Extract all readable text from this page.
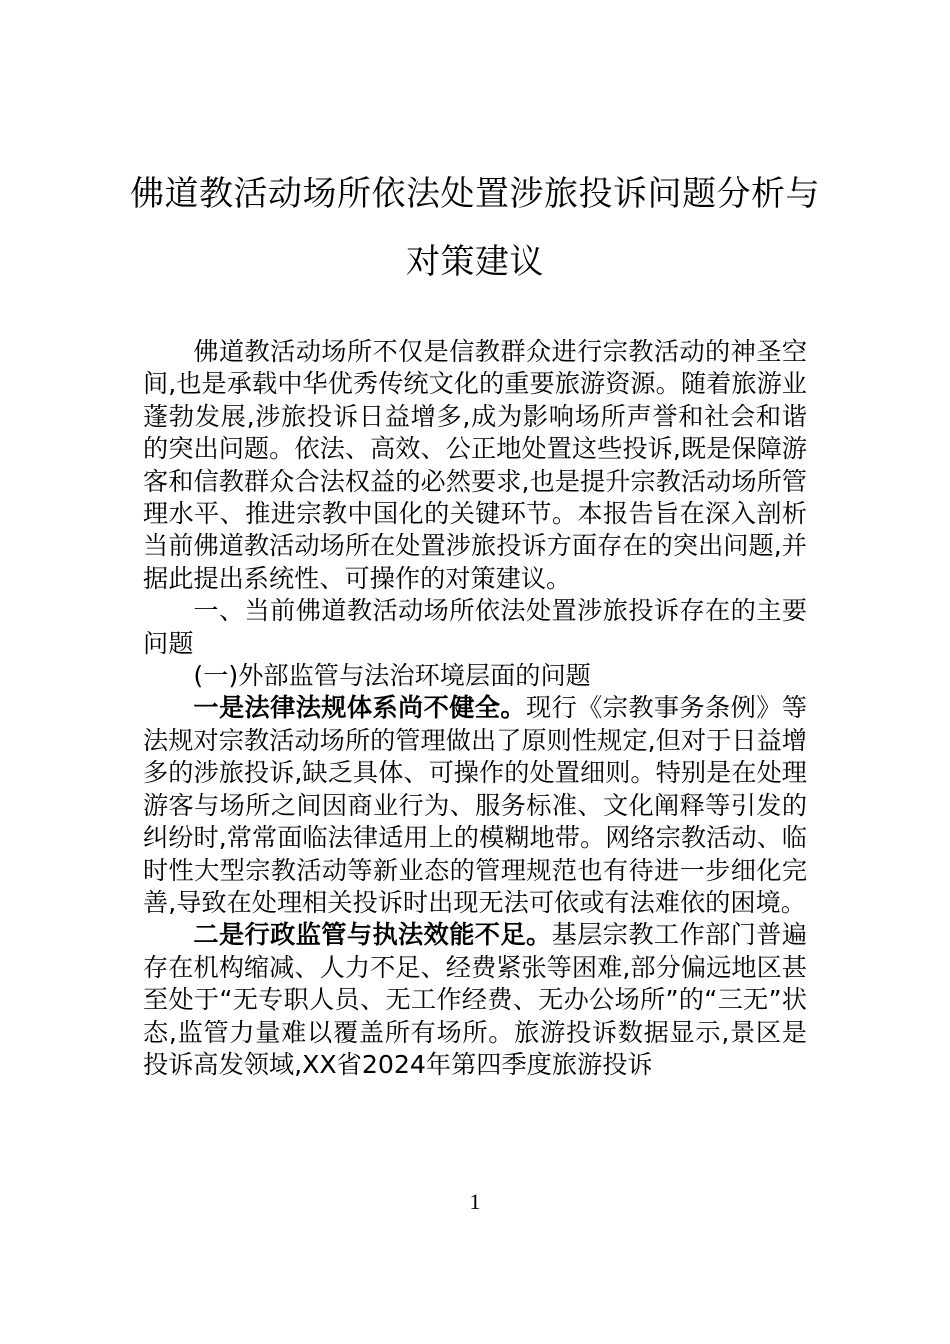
佛道教活动场所依法处置涉旅投诉问题分析与对策建议

佛道教活动场所不仅是信教群众进行宗教活动的神圣空间,也是承载中华优秀传统文化的重要旅游资源。随着旅游业蓬勃发展,涉旅投诉日益增多,成为影响场所声誉和社会和谐的突出问题。依法、高效、公正地处置这些投诉,既是保障游客和信教群众合法权益的必然要求,也是提升宗教活动场所管理水平、推进宗教中国化的关键环节。本报告旨在深入剖析当前佛道教活动场所在处置涉旅投诉方面存在的突出问题,并据此提出系统性、可操作的对策建议。

一、当前佛道教活动场所依法处置涉旅投诉存在的主要问题

(一)外部监管与法治环境层面的问题

一是法律法规体系尚不健全。现行《宗教事务条例》等法规对宗教活动场所的管理做出了原则性规定,但对于日益增多的涉旅投诉,缺乏具体、可操作的处置细则。特别是在处理游客与场所之间因商业行为、服务标准、文化阐释等引发的纠纷时,常常面临法律适用上的模糊地带。网络宗教活动、临时性大型宗教活动等新业态的管理规范也有待进一步细化完善,导致在处理相关投诉时出现无法可依或有法难依的困境。

二是行政监管与执法效能不足。基层宗教工作部门普遍存在机构缩减、人力不足、经费紧张等困难,部分偏远地区甚至处于“无专职人员、无工作经费、无办公场所”的“三无”状态,监管力量难以覆盖所有场所。旅游投诉数据显示,景区是投诉高发领域,XX省2024年第四季度旅游投诉

1
